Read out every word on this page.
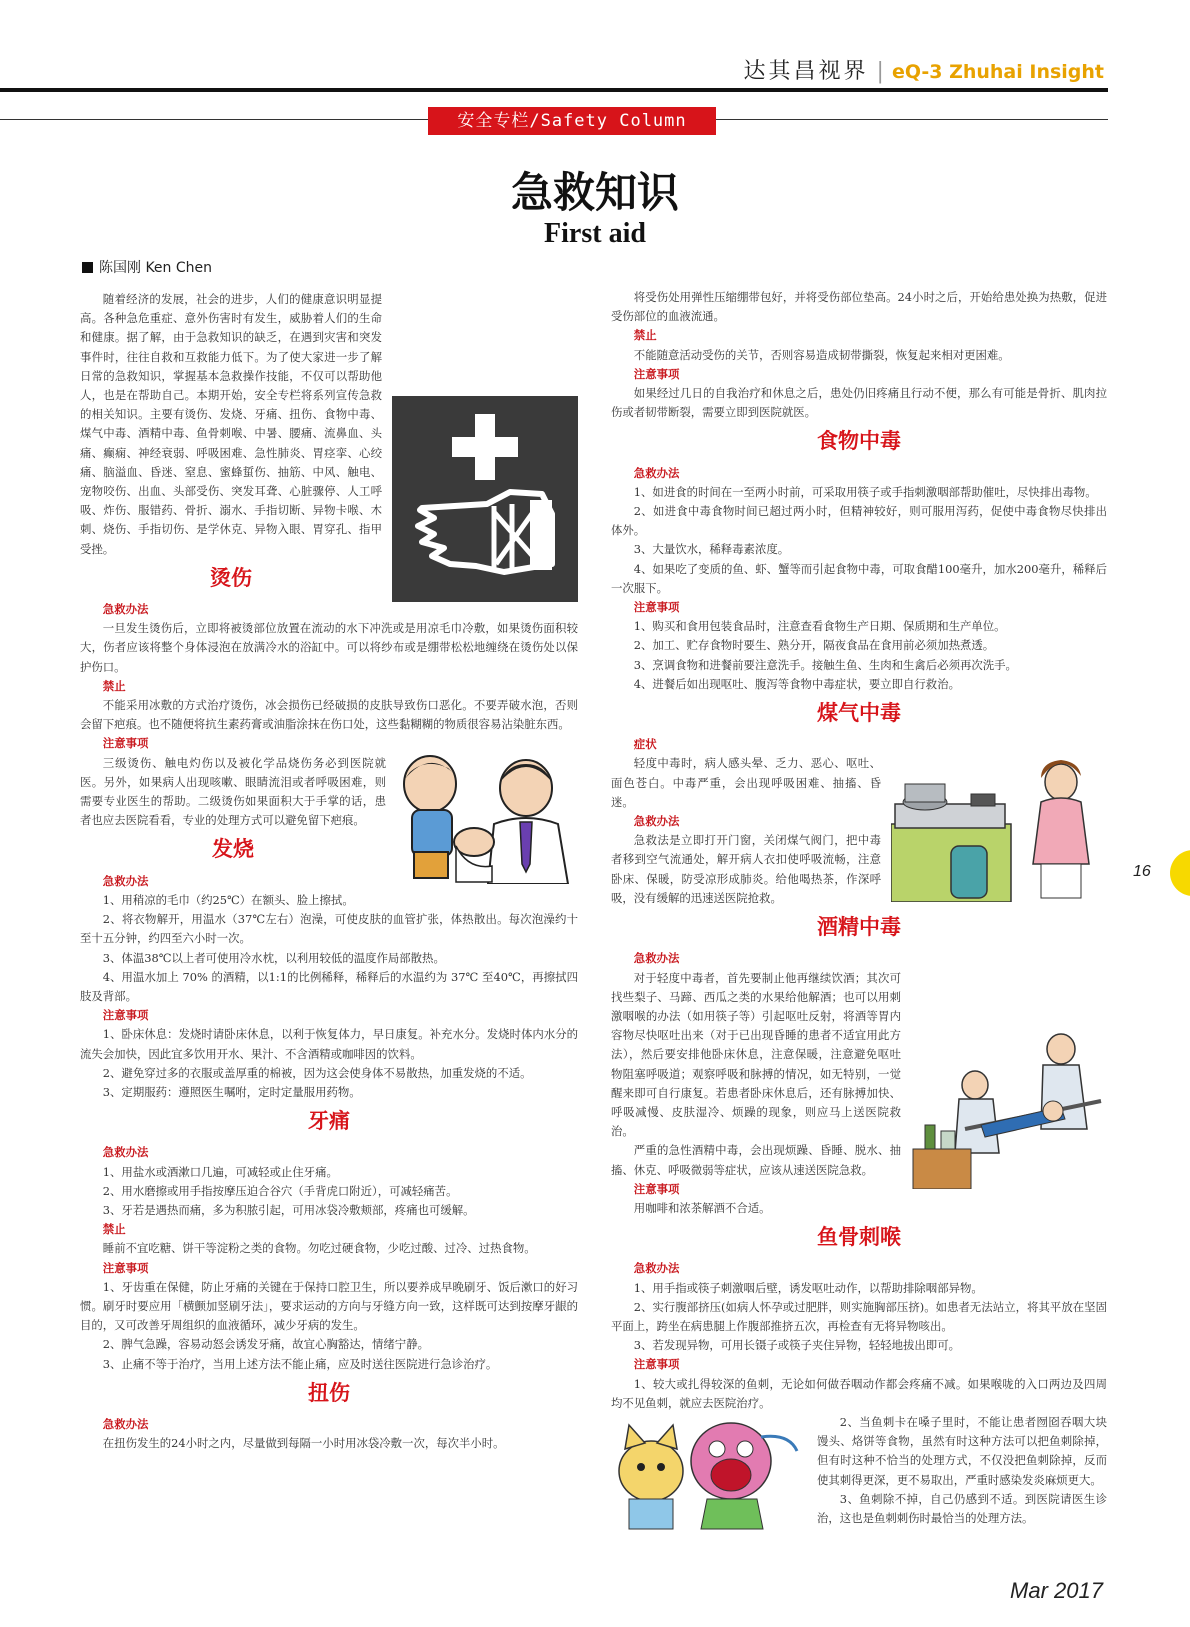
达其昌视界 | eQ-3 Zhuhai Insight
安全专栏/Safety Column
急救知识
First aid
陈国刚 Ken Chen

随着经济的发展，社会的进步，人们的健康意识明显提高。各种急危重症、意外伤害时有发生，威胁着人们的生命和健康。据了解，由于急救知识的缺乏，在遇到灾害和突发事件时，往往自救和互救能力低下。为了使大家进一步了解日常的急救知识，掌握基本急救操作技能，不仅可以帮助他人，也是在帮助自己。本期开始，安全专栏将系列宣传急救的相关知识。主要有烫伤、发烧、牙痛、扭伤、食物中毒、煤气中毒、酒精中毒、鱼骨刺喉、中暑、腰痛、流鼻血、头痛、癫痫、神经衰弱、呼吸困难、急性肺炎、胃痉挛、心绞痛、脑溢血、昏迷、窒息、蜜蜂蜇伤、抽筋、中风、触电、宠物咬伤、出血、头部受伤、突发耳聋、心脏骤停、人工呼吸、炸伤、服错药、骨折、溺水、手指切断、异物卡喉、木刺、烧伤、手指切伤、是学休克、异物入眼、胃穿孔、指甲受挫。

烫伤

急救办法

一旦发生烫伤后，立即将被烫部位放置在流动的水下冲洗或是用凉毛巾冷敷，如果烫伤面积较大，伤者应该将整个身体浸泡在放满冷水的浴缸中。可以将纱布或是绷带松松地缠绕在烫伤处以保护伤口。

禁止

不能采用冰敷的方式治疗烫伤，冰会损伤已经破损的皮肤导致伤口恶化。不要弄破水泡，否则会留下疤痕。也不随便将抗生素药膏或油脂涂抹在伤口处，这些黏糊糊的物质很容易沾染脏东西。

注意事项

三级烫伤、触电灼伤以及被化学品烧伤务必到医院就医。另外，如果病人出现咳嗽、眼睛流泪或者呼吸困难，则需要专业医生的帮助。二级烫伤如果面积大于手掌的话，患者也应去医院看看，专业的处理方式可以避免留下疤痕。

发烧

急救办法

1、用稍凉的毛巾（约25℃）在额头、脸上擦拭。

2、将衣物解开，用温水（37℃左右）泡澡，可使皮肤的血管扩张，体热散出。每次泡澡约十至十五分钟，约四至六小时一次。

3、体温38℃以上者可使用冷水枕，以利用较低的温度作局部散热。

4、用温水加上 70% 的酒精，以1:1的比例稀释，稀释后的水温约为 37℃ 至40℃，再擦拭四肢及背部。

注意事项

1、卧床休息：发烧时请卧床休息，以利于恢复体力，早日康复。补充水分。发烧时体内水分的流失会加快，因此宜多饮用开水、果汁、不含酒精或咖啡因的饮料。

2、避免穿过多的衣服或盖厚重的棉被，因为这会使身体不易散热，加重发烧的不适。

3、定期服药：遵照医生嘱咐，定时定量服用药物。

牙痛

急救办法

1、用盐水或酒漱口几遍，可减轻或止住牙痛。

2、用水磨擦或用手指按摩压迫合谷穴（手背虎口附近），可减轻痛苦。

3、牙若是遇热而痛，多为积脓引起，可用冰袋冷敷颊部，疼痛也可缓解。

禁止

睡前不宜吃糖、饼干等淀粉之类的食物。勿吃过硬食物，少吃过酸、过冷、过热食物。

注意事项

1、牙齿重在保健，防止牙痛的关键在于保持口腔卫生，所以要养成早晚刷牙、饭后漱口的好习惯。刷牙时要应用「横颤加竖刷牙法」，要求运动的方向与牙缝方向一致，这样既可达到按摩牙龈的目的，又可改善牙周组织的血液循环，减少牙病的发生。

2、脾气急躁，容易动怒会诱发牙痛，故宜心胸豁达，情绪宁静。

3、止痛不等于治疗，当用上述方法不能止痛，应及时送往医院进行急诊治疗。

扭伤

急救办法

在扭伤发生的24小时之内，尽量做到每隔一小时用冰袋冷敷一次，每次半小时。

将受伤处用弹性压缩绷带包好，并将受伤部位垫高。24小时之后，开始给患处换为热敷，促进受伤部位的血液流通。

禁止

不能随意活动受伤的关节，否则容易造成韧带撕裂，恢复起来相对更困难。

注意事项

如果经过几日的自我治疗和休息之后，患处仍旧疼痛且行动不便，那么有可能是骨折、肌肉拉伤或者韧带断裂，需要立即到医院就医。

食物中毒

急救办法

1、如进食的时间在一至两小时前，可采取用筷子或手指刺激咽部帮助催吐，尽快排出毒物。

2、如进食中毒食物时间已超过两小时，但精神较好，则可服用泻药，促使中毒食物尽快排出体外。

3、大量饮水，稀释毒素浓度。

4、如果吃了变质的鱼、虾、蟹等而引起食物中毒，可取食醋100毫升，加水200毫升，稀释后一次服下。

注意事项

1、购买和食用包装食品时，注意查看食物生产日期、保质期和生产单位。

2、加工、贮存食物时要生、熟分开，隔夜食品在食用前必须加热煮透。

3、烹调食物和进餐前要注意洗手。接触生鱼、生肉和生禽后必须再次洗手。

4、进餐后如出现呕吐、腹泻等食物中毒症状，要立即自行救治。

煤气中毒

症状

轻度中毒时，病人感头晕、乏力、恶心、呕吐、面色苍白。中毒严重，会出现呼吸困难、抽搐、昏迷。

急救办法

急救法是立即打开门窗，关闭煤气阀门，把中毒者移到空气流通处，解开病人衣扣使呼吸流畅，注意卧床、保暖，防受凉形成肺炎。给他喝热茶，作深呼吸，没有缓解的迅速送医院抢救。

酒精中毒

急救办法

对于轻度中毒者，首先要制止他再继续饮酒；其次可找些梨子、马蹄、西瓜之类的水果给他解酒；也可以用刺激咽喉的办法（如用筷子等）引起呕吐反射，将酒等胃内容物尽快呕吐出来（对于已出现昏睡的患者不适宜用此方法），然后要安排他卧床休息，注意保暖，注意避免呕吐物阻塞呼吸道；观察呼吸和脉搏的情况，如无特别，一觉醒来即可自行康复。若患者卧床休息后，还有脉搏加快、呼吸减慢、皮肤湿冷、烦躁的现象，则应马上送医院救治。

严重的急性酒精中毒，会出现烦躁、昏睡、脱水、抽搐、休克、呼吸微弱等症状，应该从速送医院急救。

注意事项

用咖啡和浓茶解酒不合适。

鱼骨刺喉

急救办法

1、用手指或筷子刺激咽后壁，诱发呕吐动作，以帮助排除咽部异物。

2、实行腹部挤压(如病人怀孕或过肥胖，则实施胸部压挤)。如患者无法站立，将其平放在坚固平面上，跨坐在病患腿上作腹部推挤五次，再检查有无将异物咳出。

3、若发现异物，可用长镊子或筷子夹住异物，轻轻地拔出即可。

注意事项

1、较大或扎得较深的鱼刺，无论如何做吞咽动作都会疼痛不减。如果喉咙的入口两边及四周均不见鱼刺，就应去医院治疗。

2、当鱼刺卡在嗓子里时，不能让患者囫囵吞咽大块馒头、烙饼等食物，虽然有时这种方法可以把鱼刺除掉，但有时这种不恰当的处理方式，不仅没把鱼刺除掉，反而使其刺得更深，更不易取出，严重时感染发炎麻烦更大。

3、鱼刺除不掉，自己仍感到不适。到医院请医生诊治，这也是鱼刺刺伤时最恰当的处理方法。

16
Mar 2017
